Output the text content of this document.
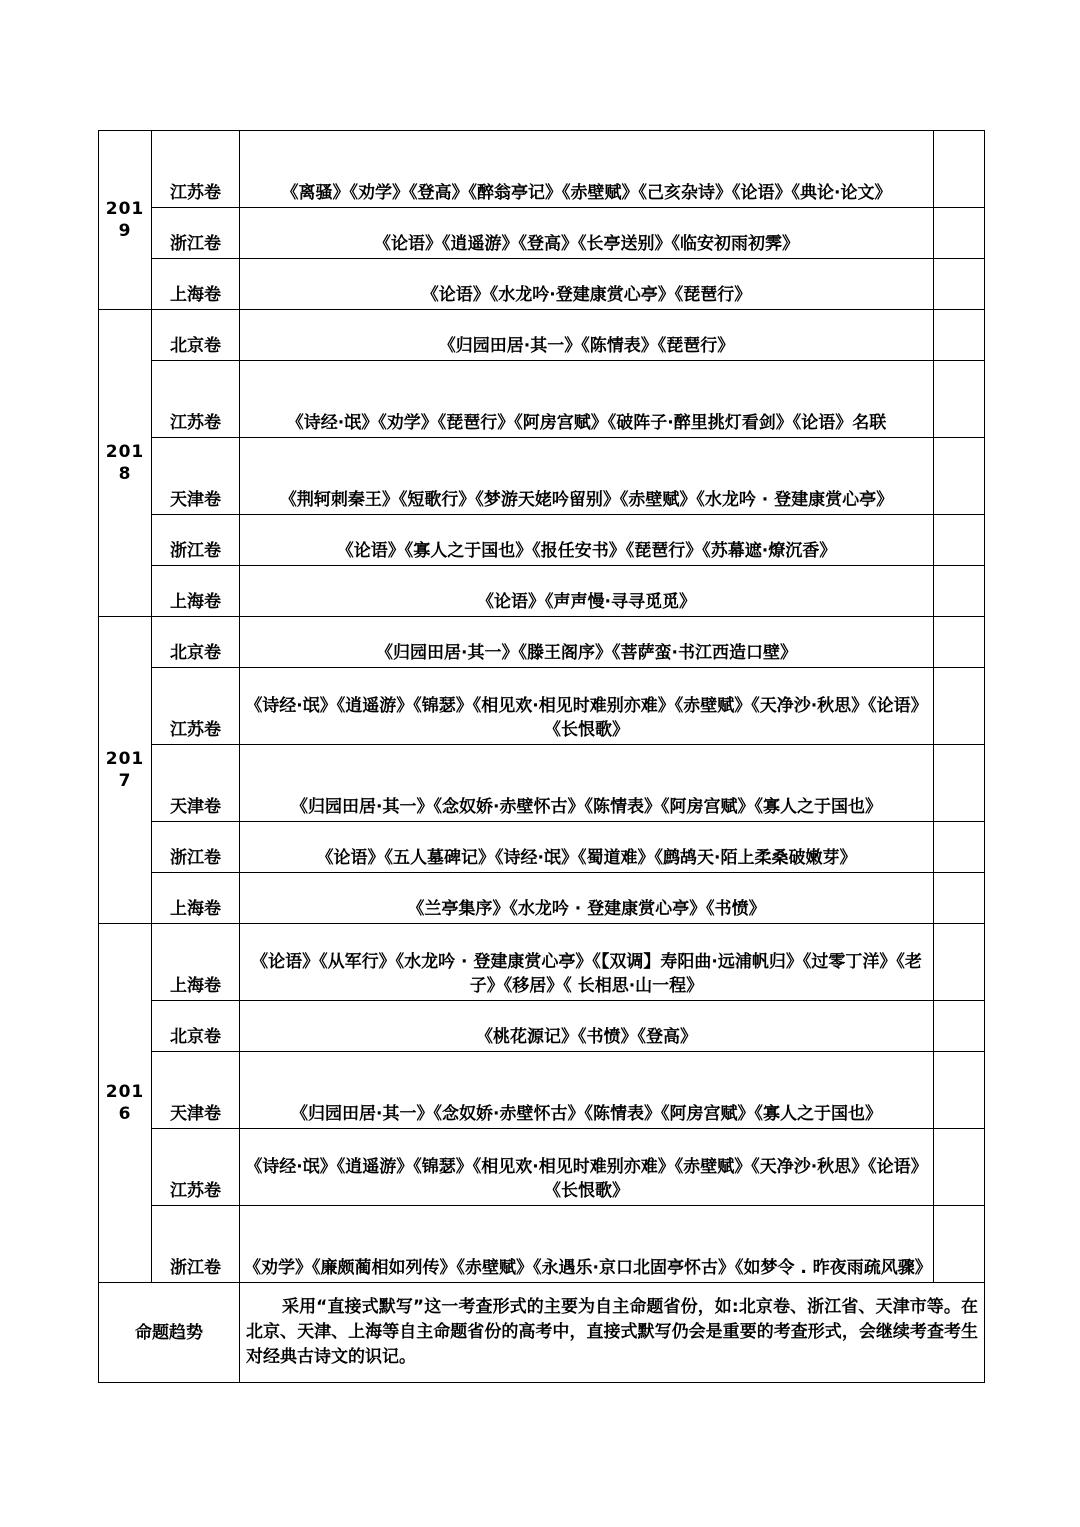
2019	江苏卷	《离骚》《劝学》《登高》《醉翁亭记》《赤壁赋》《己亥杂诗》《论语》《典论·论文》	
	浙江卷	《论语》《逍遥游》《登高》《长亭送别》《临安初雨初霁》	
	上海卷	《论语》《水龙吟·登建康赏心亭》《琵琶行》	
2018	北京卷	《归园田居·其一》《陈情表》《琵琶行》	
	江苏卷	《诗经·氓》《劝学》《琵琶行》《阿房宫赋》《破阵子·醉里挑灯看剑》《论语》名联	
	天津卷	《荆轲刺秦王》《短歌行》《梦游天姥吟留别》《赤壁赋》《水龙吟 · 登建康赏心亭》	
	浙江卷	《论语》《寡人之于国也》《报任安书》《琵琶行》《苏幕遮·燎沉香》	
	上海卷	《论语》《声声慢·寻寻觅觅》	
2017	北京卷	《归园田居·其一》《滕王阁序》《菩萨蛮·书江西造口壁》	
	江苏卷	《诗经·氓》《逍遥游》《锦瑟》《相见欢·相见时难别亦难》《赤壁赋》《天净沙·秋思》《论语》《长恨歌》	
	天津卷	《归园田居·其一》《念奴娇·赤壁怀古》《陈情表》《阿房宫赋》《寡人之于国也》	
	浙江卷	《论语》《五人墓碑记》《诗经·氓》《蜀道难》《鹧鸪天·陌上柔桑破嫩芽》	
	上海卷	《兰亭集序》《水龙吟 · 登建康赏心亭》《书愤》	
2016	上海卷	《论语》《从军行》《水龙吟 · 登建康赏心亭》《【双调】寿阳曲·远浦帆归》《过零丁洋》《老子》《移居》《 长相思·山一程》	
	北京卷	《桃花源记》《书愤》《登高》	
	天津卷	《归园田居·其一》《念奴娇·赤壁怀古》《陈情表》《阿房宫赋》《寡人之于国也》	
	江苏卷	《诗经·氓》《逍遥游》《锦瑟》《相见欢·相见时难别亦难》《赤壁赋》《天净沙·秋思》《论语》《长恨歌》	
	浙江卷	《劝学》《廉颇蔺相如列传》《赤壁赋》《永遇乐·京口北固亭怀古》《如梦令 . 昨夜雨疏风骤》	
命题趋势		采用“直接式默写”这一考查形式的主要为自主命题省份，如:北京卷、浙江省、天津市等。在北京、天津、上海等自主命题省份的高考中，直接式默写仍会是重要的考查形式，会继续考查考生对经典古诗文的识记。	
